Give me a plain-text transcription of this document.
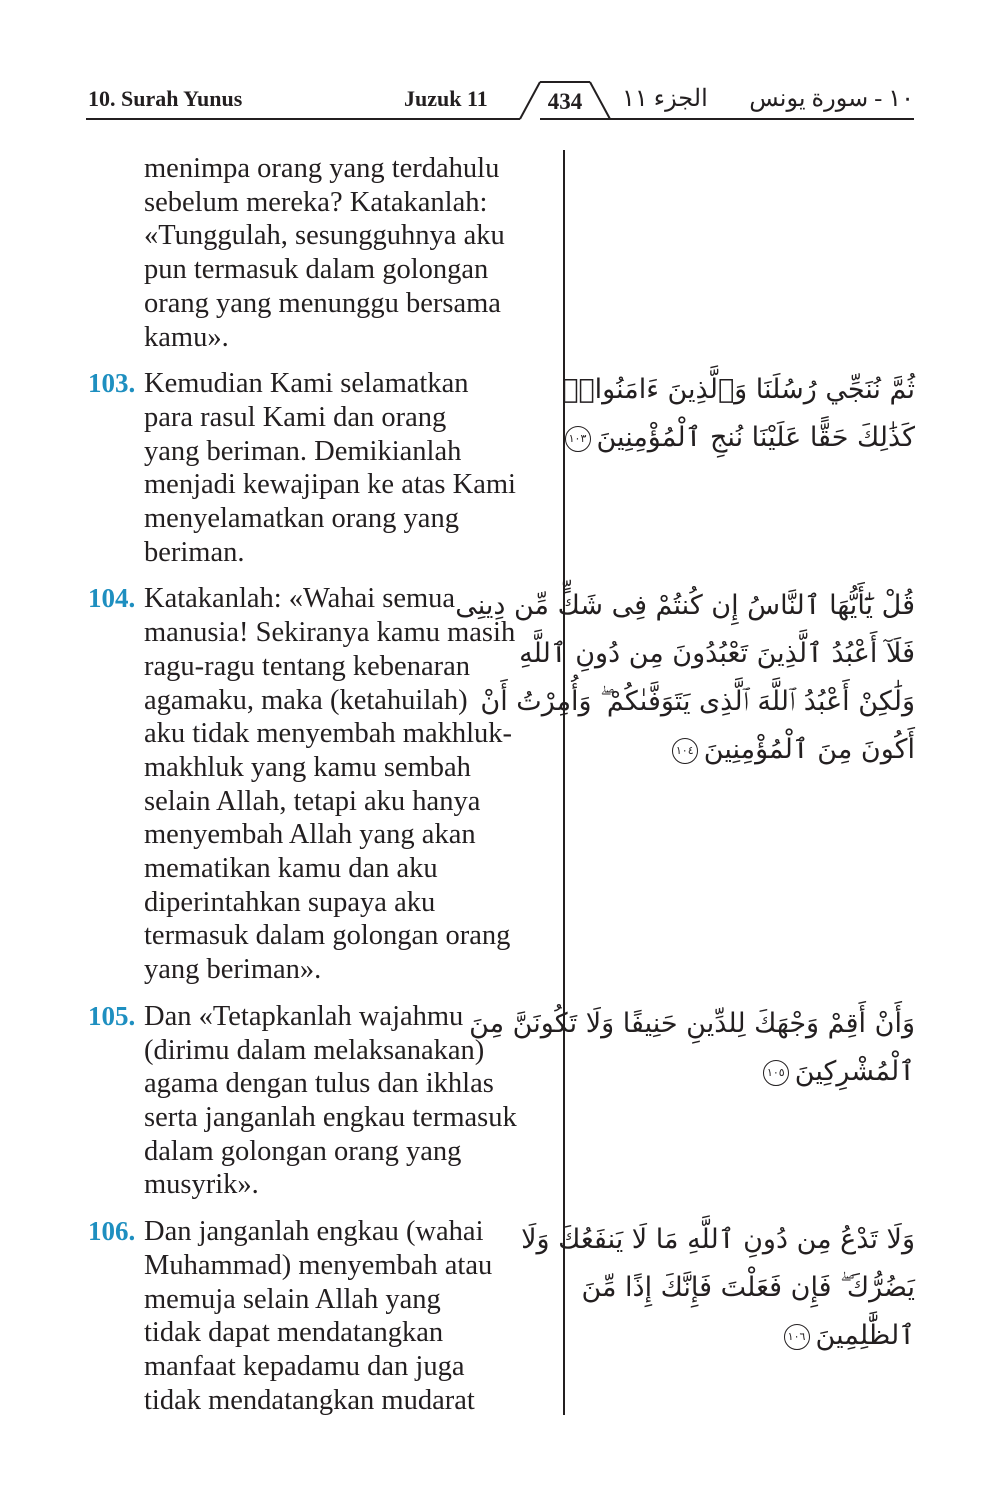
10. Surah Yunus	Juzuk 11	434	الجزء ١١ ١٠ - سورة يونس
menimpa orang yang terdahulu
sebelum mereka? Katakanlah:
«Tunggulah, sesungguhnya aku
pun termasuk dalam golongan
orang yang menunggu bersama
kamu».
103. Kemudian Kami selamatkan
para rasul Kami dan orang
yang beriman. Demikianlah
menjadi kewajipan ke atas Kami
menyelamatkan orang yang
beriman.
104. Katakanlah: «Wahai semua
manusia! Sekiranya kamu masih
ragu-ragu tentang kebenaran
agamaku, maka (ketahuilah)
aku tidak menyembah makhluk-
makhluk yang kamu sembah
selain Allah, tetapi aku hanya
menyembah Allah yang akan
mematikan kamu dan aku
diperintahkan supaya aku
termasuk dalam golongan orang
yang beriman».
105. Dan «Tetapkanlah wajahmu
(dirimu dalam melaksanakan)
agama dengan tulus dan ikhlas
serta janganlah engkau termasuk
dalam golongan orang yang
musyrik».
106. Dan janganlah engkau (wahai
Muhammad) menyembah atau
memuja selain Allah yang
tidak dapat mendatangkan
manfaat kepadamu dan juga
tidak mendatangkan mudarat
ثُمَّ نُنَجِّي رُسُلَنَا وَٱلَّذِينَ ءَامَنُوا۟ۚ
كَذَٰلِكَ حَقًّا عَلَيْنَا نُنجِ ٱلْمُؤْمِنِينَ١٠٣
قُلْ يَٰٓأَيُّهَا ٱلنَّاسُ إِن كُنتُمْ فِى شَكٍّ مِّن دِينِى
فَلَآ أَعْبُدُ ٱلَّذِينَ تَعْبُدُونَ مِن دُونِ ٱللَّهِ
وَلَٰكِنْ أَعْبُدُ ٱللَّهَ ٱلَّذِى يَتَوَفَّىٰكُمْ ۖ وَأُمِرْتُ أَنْ
أَكُونَ مِنَ ٱلْمُؤْمِنِينَ١٠٤
وَأَنْ أَقِمْ وَجْهَكَ لِلدِّينِ حَنِيفًا وَلَا تَكُونَنَّ مِنَ
ٱلْمُشْرِكِينَ١٠٥
وَلَا تَدْعُ مِن دُونِ ٱللَّهِ مَا لَا يَنفَعُكَ وَلَا
يَضُرُّكَ ۖ فَإِن فَعَلْتَ فَإِنَّكَ إِذًا مِّنَ
ٱلظَّٰلِمِينَ١٠٦
